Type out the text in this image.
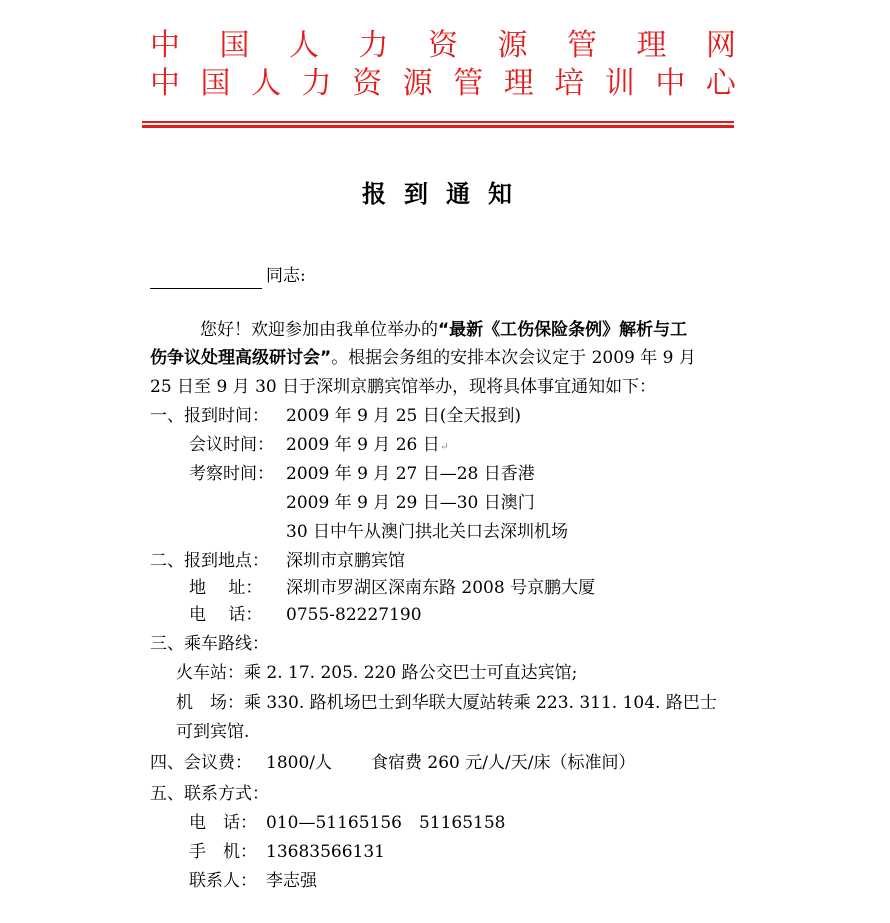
中 国 人 力 资 源 管 理 网
中 国 人 力 资 源 管 理 培 训 中 心
报到通知
同志:
您好！欢迎参加由我单位举办的“最新《工伤保险条例》解析与工
伤争议处理高级研讨会”。根据会务组的安排本次会议定于 2009 年 9 月
25 日至 9 月 30 日于深圳京鹏宾馆举办，现将具体事宜通知如下：
一、报到时间： 2009 年 9 月 25 日(全天报到)
会议时间： 2009 年 9 月 26 日↵
考察时间： 2009 年 9 月 27 日—28 日香港
2009 年 9 月 29 日—30 日澳门
30 日中午从澳门拱北关口去深圳机场
二、报到地点： 深圳市京鹏宾馆
地　 址： 深圳市罗湖区深南东路 2008 号京鹏大厦
电　 话： 0755-82227190
三、乘车路线：
火车站：乘 2. 17. 205. 220 路公交巴士可直达宾馆;
机　场：乘 330. 路机场巴士到华联大厦站转乘 223. 311. 104. 路巴士
可到宾馆.
四、会议费： 1800/人 食宿费 260 元/人/天/床（标准间）
五、联系方式：
电　话： 010—51165156　51165158
手　机： 13683566131
联系人： 李志强
